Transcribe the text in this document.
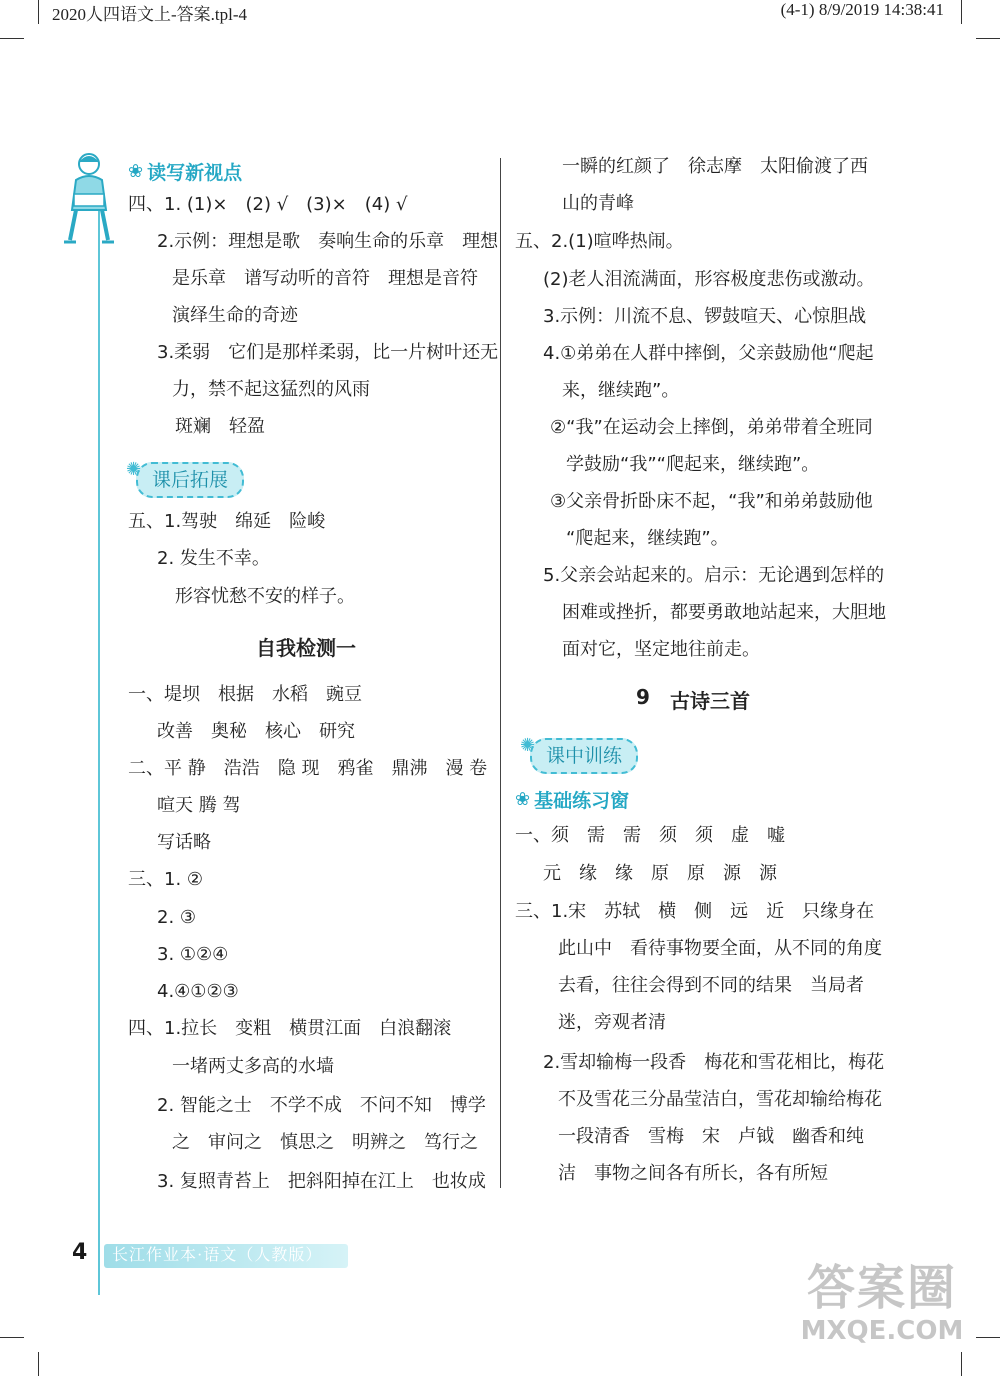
2020人四语文上-答案.tpl-4	(4-1) 8/9/2019 14:38:41
❀ 读写新视点
四、1. (1)×　(2) √　(3)×　(4) √
2.示例：理想是歌　奏响生命的乐章　理想
是乐章　谱写动听的音符　理想是音符
演绎生命的奇迹
3.柔弱　它们是那样柔弱，比一片树叶还无
力，禁不起这猛烈的风雨
斑斓　轻盈
✺ 课后拓展
五、1.驾驶　绵延　险峻
2. 发生不幸。
形容忧愁不安的样子。
自我检测一
一、堤坝　根据　水稻　豌豆
改善　奥秘　核心　研究
二、平 静　浩浩　隐 现　鸦雀　鼎沸　漫 卷
喧天 腾 驾
写话略
三、1. ②
2. ③
3. ①②④
4.④①②③
四、1.拉长　变粗　横贯江面　白浪翻滚
一堵两丈多高的水墙
2. 智能之士　不学不成　不问不知　博学
之　审问之　慎思之　明辨之　笃行之
3. 复照青苔上　把斜阳掉在江上　也妆成
一瞬的红颜了　徐志摩　太阳偷渡了西
山的青峰
五、2.(1)喧哗热闹。
(2)老人泪流满面，形容极度悲伤或激动。
3.示例：川流不息、锣鼓喧天、心惊胆战
4.①弟弟在人群中摔倒，父亲鼓励他“爬起
来，继续跑”。
②“我”在运动会上摔倒，弟弟带着全班同
学鼓励“我”“爬起来，继续跑”。
③父亲骨折卧床不起，“我”和弟弟鼓励他
“爬起来，继续跑”。
5.父亲会站起来的。启示：无论遇到怎样的
困难或挫折，都要勇敢地站起来，大胆地
面对它，坚定地往前走。
9 古诗三首
✺ 课中训练
❀ 基础练习窗
一、须　需　需　须　须　虚　嘘
元　缘　缘　原　原　源　源
三、1.宋　苏轼　横　侧　远　近　只缘身在
此山中　看待事物要全面，从不同的角度
去看，往往会得到不同的结果　当局者
迷，旁观者清
2.雪却输梅一段香　梅花和雪花相比，梅花
不及雪花三分晶莹洁白，雪花却输给梅花
一段清香　雪梅　宋　卢钺　幽香和纯
洁　事物之间各有所长，各有所短
4 长江作业本·语文（人教版）
答案圈
MXQE.COM
